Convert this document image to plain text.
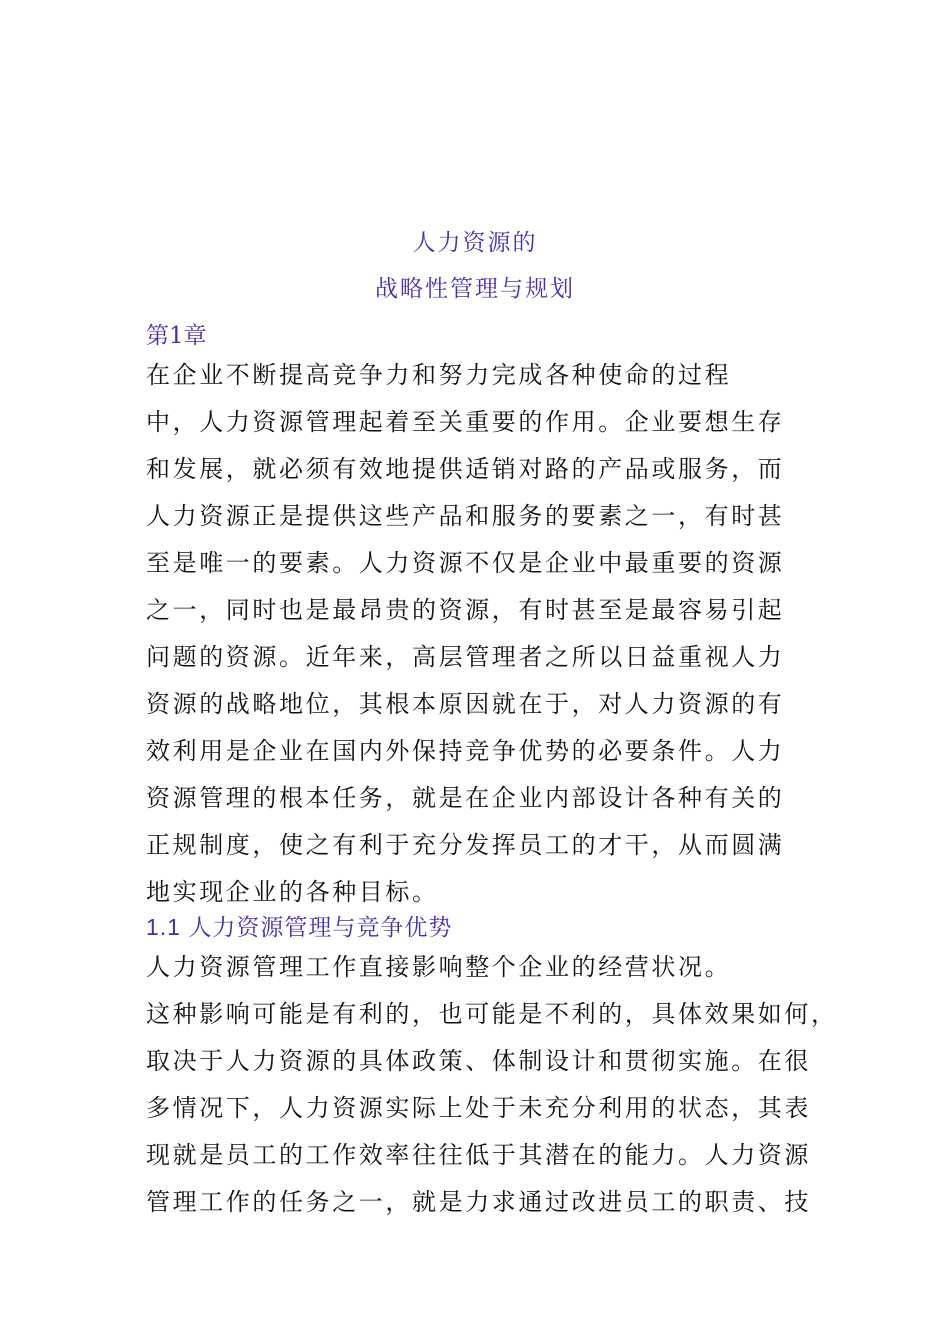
人力资源的
战略性管理与规划
第1章
在企业不断提高竞争力和努力完成各种使命的过程
中，人力资源管理起着至关重要的作用。企业要想生存
和发展，就必须有效地提供适销对路的产品或服务，而
人力资源正是提供这些产品和服务的要素之一，有时甚
至是唯一的要素。人力资源不仅是企业中最重要的资源
之一，同时也是最昂贵的资源，有时甚至是最容易引起
问题的资源。近年来，高层管理者之所以日益重视人力
资源的战略地位，其根本原因就在于，对人力资源的有
效利用是企业在国内外保持竞争优势的必要条件。人力
资源管理的根本任务，就是在企业内部设计各种有关的
正规制度，使之有利于充分发挥员工的才干，从而圆满
地实现企业的各种目标。
1.1 人力资源管理与竞争优势
人力资源管理工作直接影响整个企业的经营状况。
这种影响可能是有利的，也可能是不利的，具体效果如何，
取决于人力资源的具体政策、体制设计和贯彻实施。在很
多情况下，人力资源实际上处于未充分利用的状态，其表
现就是员工的工作效率往往低于其潜在的能力。人力资源
管理工作的任务之一，就是力求通过改进员工的职责、技
